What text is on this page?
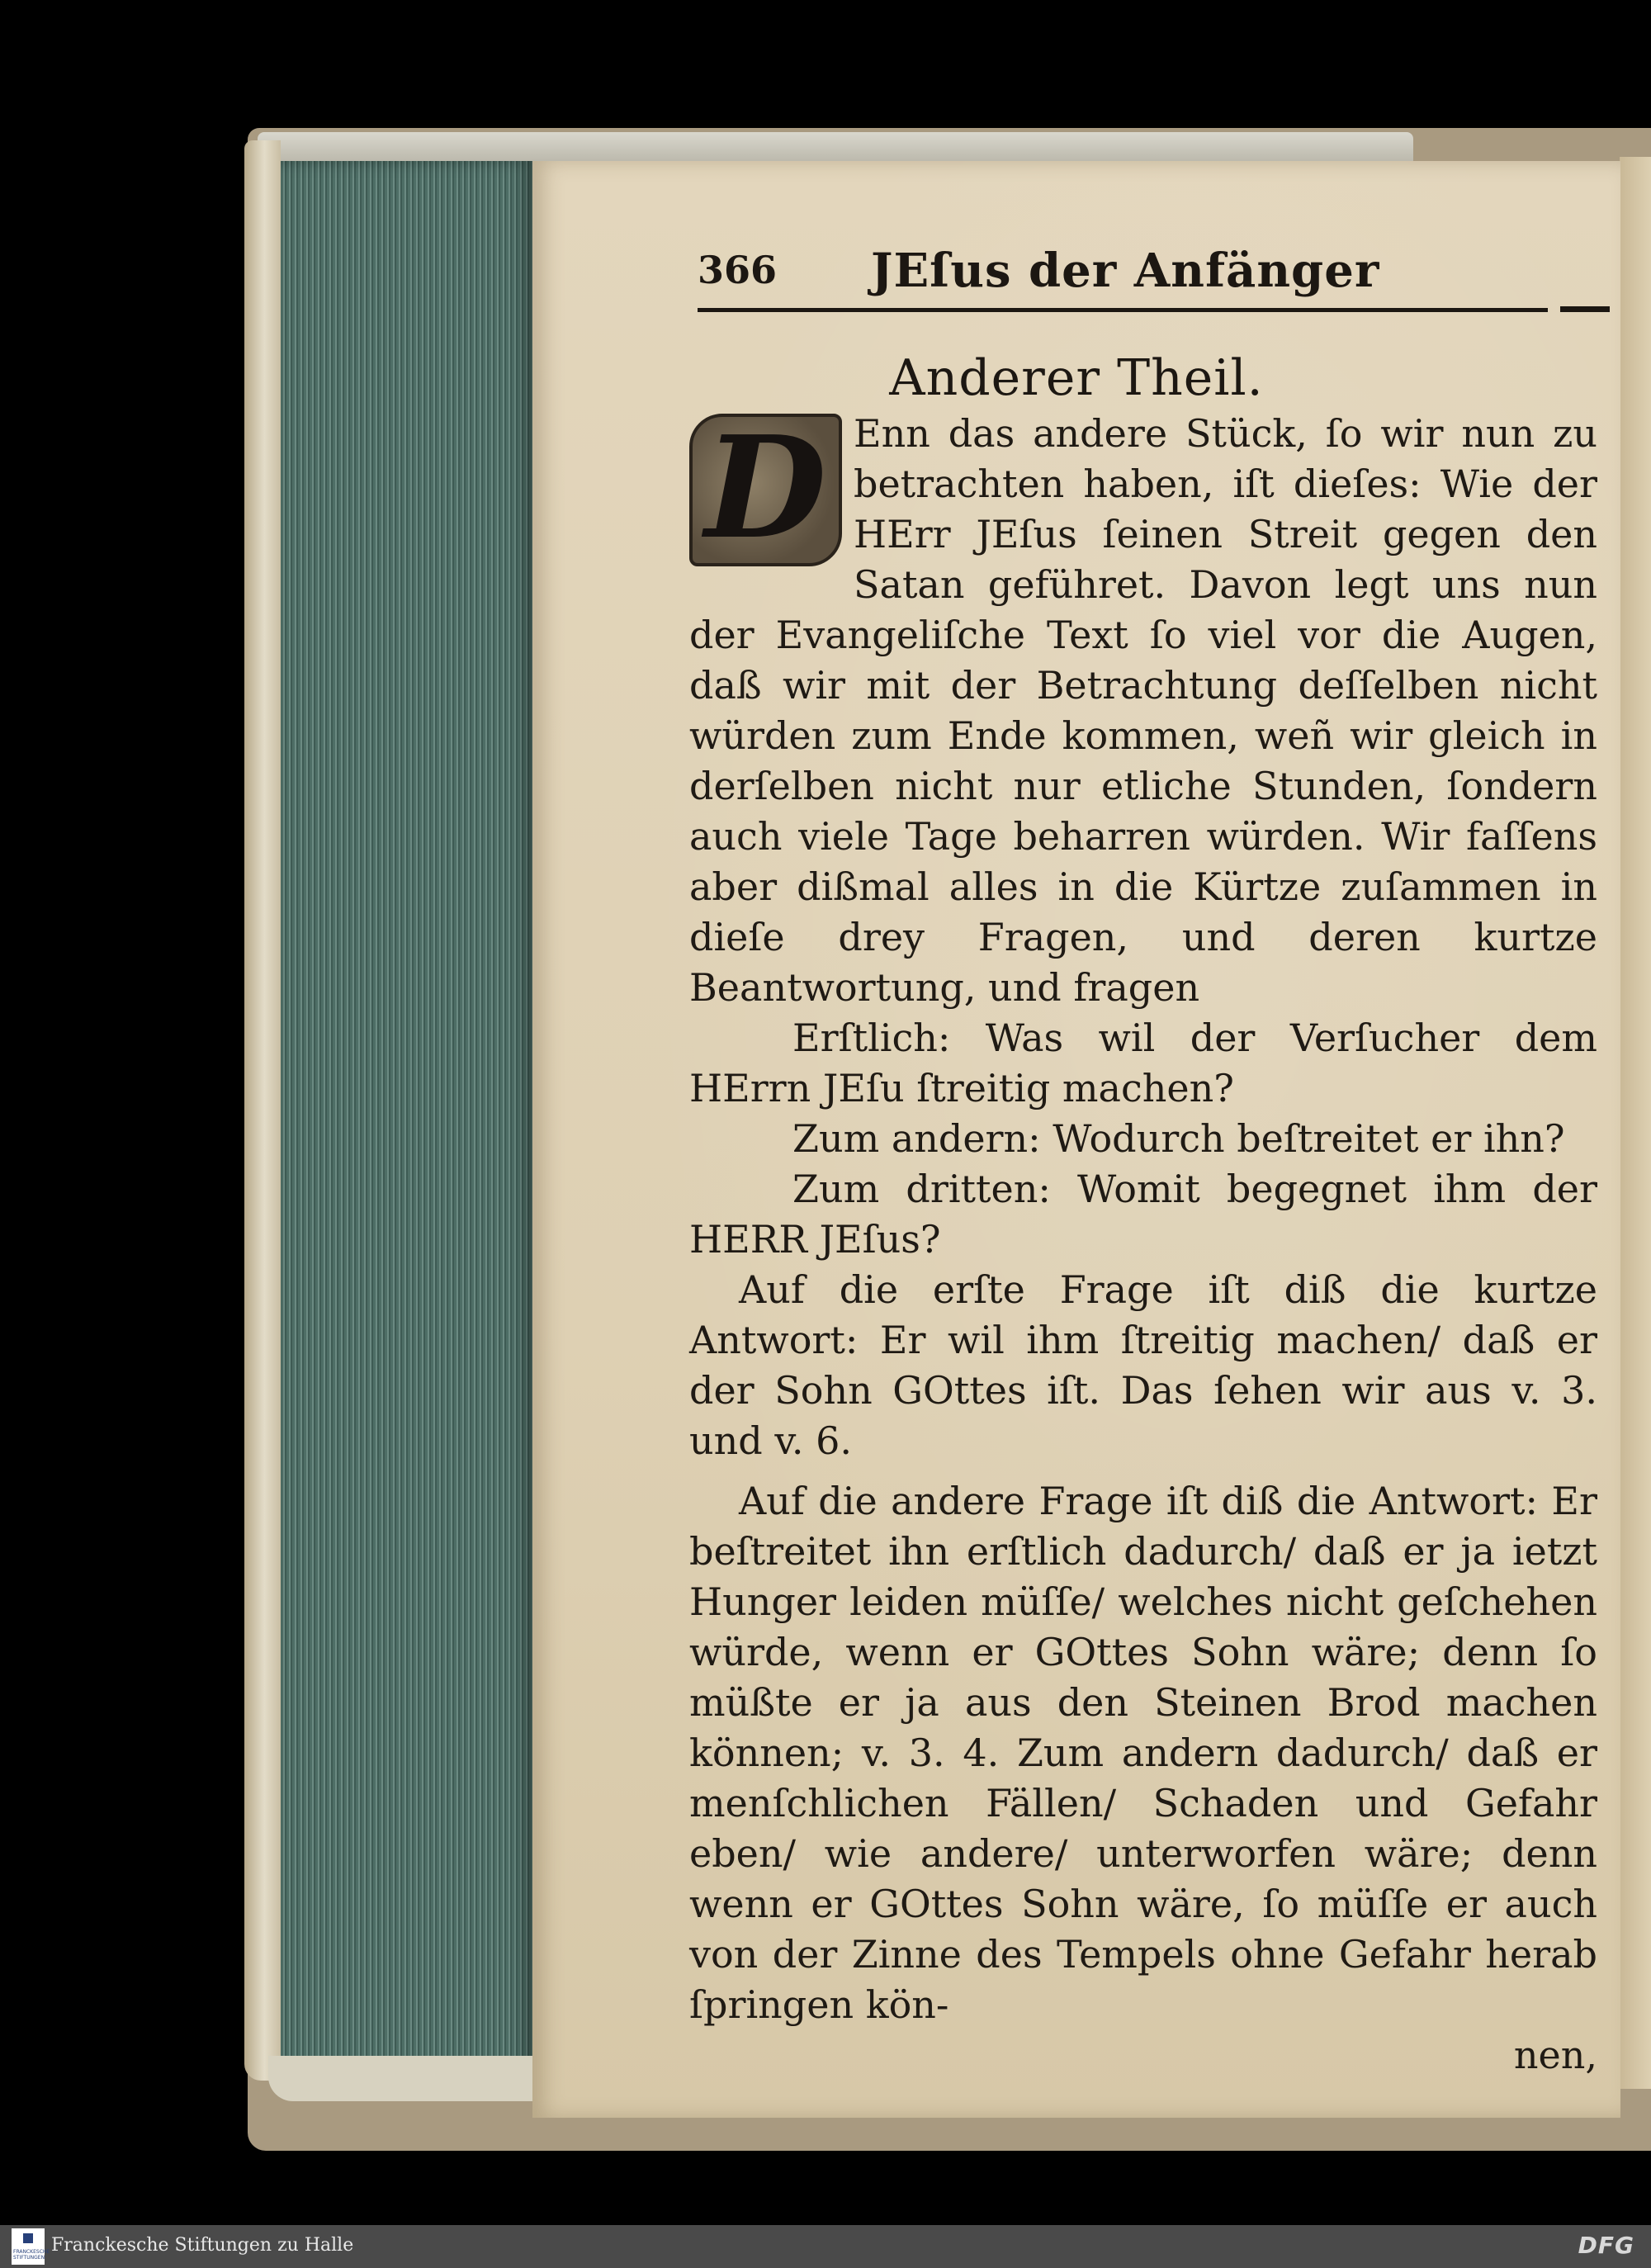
366 JEſus der Anfänger
Anderer Theil.
D Enn das andere Stück, ſo wir nun zu betrachten haben, iſt dieſes: Wie der HErr JEſus ſeinen Streit gegen den Satan geführet. Davon legt uns nun der Evangeliſche Text ſo viel vor die Augen, daß wir mit der Betrachtung deſſelben nicht würden zum Ende kommen, weñ wir gleich in derſelben nicht nur etliche Stunden, ſondern auch viele Tage beharren würden. Wir faſſens aber dißmal alles in die Kürtze zuſammen in dieſe drey Fragen, und deren kurtze Beantwortung, und fragen

Erſtlich: Was wil der Verſucher dem HErrn JEſu ſtreitig machen?

Zum andern: Wodurch beſtreitet er ihn?

Zum dritten: Womit begegnet ihm der HERR JEſus?

Auf die erſte Frage iſt diß die kurtze Antwort: Er wil ihm ſtreitig machen/ daß er der Sohn GOttes iſt. Das ſehen wir aus v. 3. und v. 6.

Auf die andere Frage iſt diß die Antwort: Er beſtreitet ihn erſtlich dadurch/ daß er ja ietzt Hunger leiden müſſe/ welches nicht geſchehen würde, wenn er GOttes Sohn wäre; denn ſo müßte er ja aus den Steinen Brod machen können; v. 3. 4. Zum andern dadurch/ daß er menſchlichen Fällen/ Schaden und Gefahr eben/ wie andere/ unterworfen wäre; denn wenn er GOttes Sohn wäre, ſo müſſe er auch von der Zinne des Tempels ohne Gefahr herab ſpringen kön-

nen,

FRANCKESCHE STIFTUNGEN
Franckesche Stiftungen zu Halle	DFG
